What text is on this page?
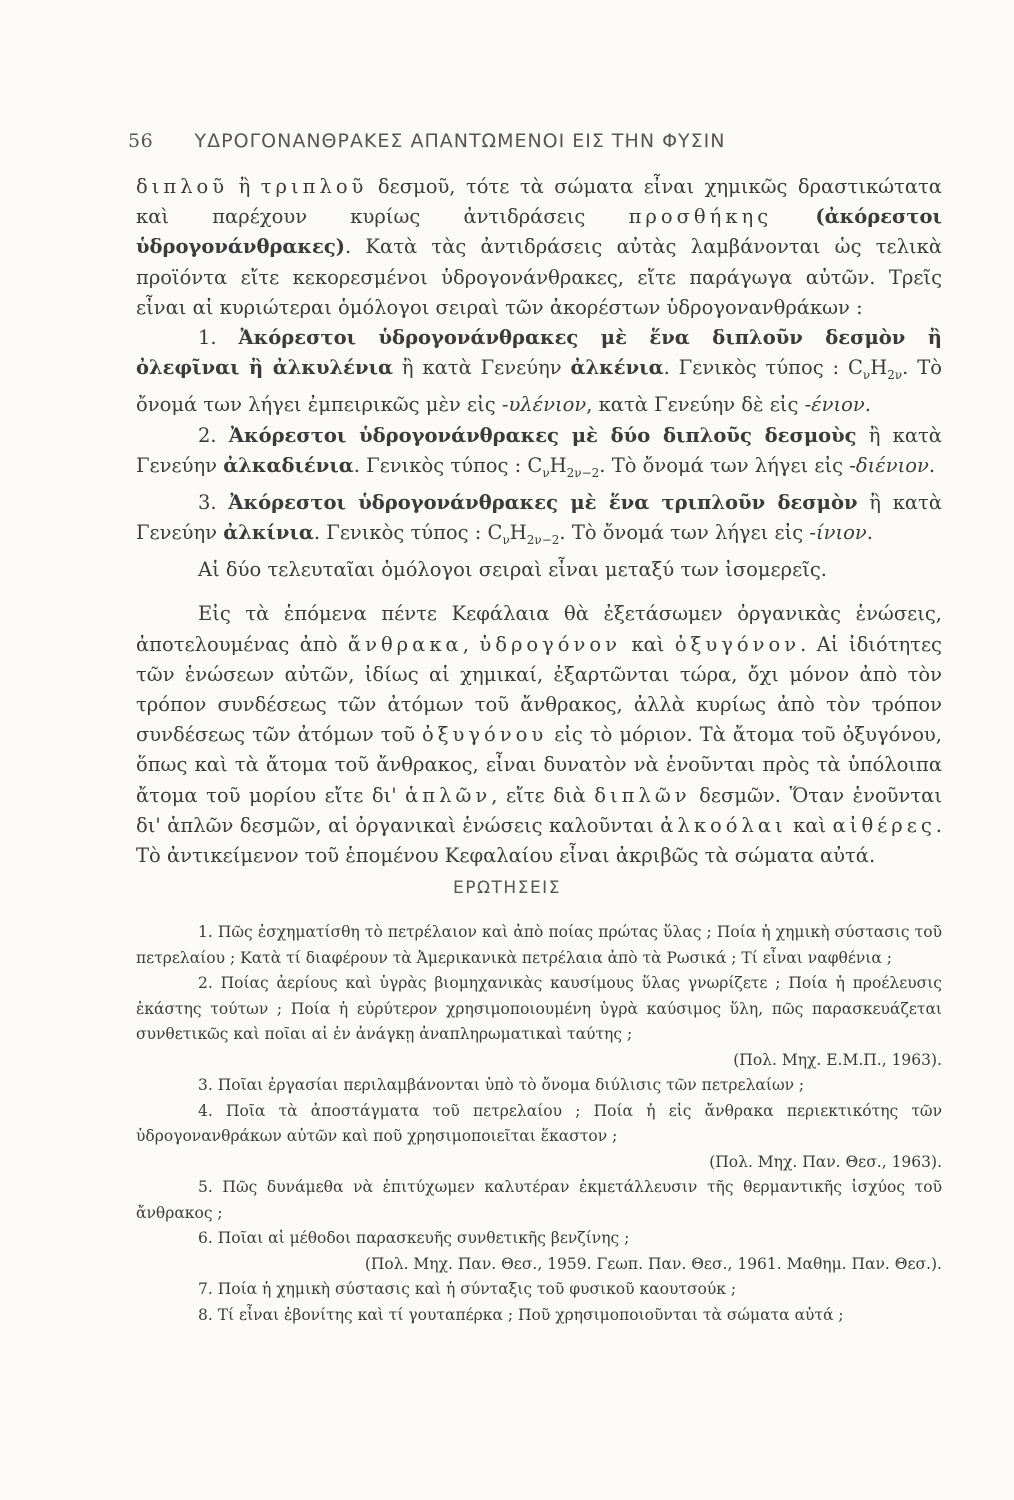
56 ΥΔΡΟΓΟΝΑΝΘΡΑΚΕΣ ΑΠΑΝΤΩΜΕΝΟΙ ΕΙΣ ΤΗΝ ΦΥΣΙΝ

διπλοῦ ἢ τριπλοῦ δεσμοῦ, τότε τὰ σώματα εἶναι χημικῶς δραστικώτατα καὶ παρέχουν κυρίως ἀντιδράσεις προσθήκης (ἀκόρεστοι ὑδρογονάνθρακες). Κατὰ τὰς ἀντιδράσεις αὐτὰς λαμβάνονται ὡς τελικὰ προϊόντα εἴτε κεκορεσμένοι ὑδρογονάνθρακες, εἴτε παράγωγα αὐτῶν. Τρεῖς εἶναι αἱ κυριώτεραι ὁμόλογοι σειραὶ τῶν ἀκορέστων ὑδρογονανθράκων :

1. Ἀκόρεστοι ὑδρογονάνθρακες μὲ ἕνα διπλοῦν δεσμὸν ἢ ὀλεφῖναι ἢ ἀλκυλένια ἢ κατὰ Γενεύην ἀλκένια. Γενικὸς τύπος : $C_\nu H_{2\nu}$. Τὸ ὄνομά των λήγει ἐμπειρικῶς μὲν εἰς -υλένιον, κατὰ Γενεύην δὲ εἰς -ένιον.

2. Ἀκόρεστοι ὑδρογονάνθρακες μὲ δύο διπλοῦς δεσμοὺς ἢ κατὰ Γενεύην ἀλκαδιένια. Γενικὸς τύπος : $C_\nu H_{2\nu-2}$. Τὸ ὄνομά των λήγει εἰς -διένιον.

3. Ἀκόρεστοι ὑδρογονάνθρακες μὲ ἕνα τριπλοῦν δεσμὸν ἢ κατὰ Γενεύην ἀλκίνια. Γενικὸς τύπος : $C_\nu H_{2\nu-2}$. Τὸ ὄνομά των λήγει εἰς -ίνιον.

Αἱ δύο τελευταῖαι ὁμόλογοι σειραὶ εἶναι μεταξύ των ἰσομερεῖς.

Εἰς τὰ ἑπόμενα πέντε Κεφάλαια θὰ ἐξετάσωμεν ὀργανικὰς ἑνώσεις, ἀποτελουμένας ἀπὸ ἄνθρακα, ὑδρογόνον καὶ ὀξυγόνον. Αἱ ἰδιότητες τῶν ἑνώσεων αὐτῶν, ἰδίως αἱ χημικαί, ἐξαρτῶνται τώρα, ὄχι μόνον ἀπὸ τὸν τρόπον συνδέσεως τῶν ἀτόμων τοῦ ἄνθρακος, ἀλλὰ κυρίως ἀπὸ τὸν τρόπον συνδέσεως τῶν ἀτόμων τοῦ ὀξυγόνου εἰς τὸ μόριον. Τὰ ἄτομα τοῦ ὀξυγόνου, ὅπως καὶ τὰ ἄτομα τοῦ ἄνθρακος, εἶναι δυνατὸν νὰ ἑνοῦνται πρὸς τὰ ὑπόλοιπα ἄτομα τοῦ μορίου εἴτε δι' ἁπλῶν, εἴτε διὰ διπλῶν δεσμῶν. Ὅταν ἑνοῦνται δι' ἁπλῶν δεσμῶν, αἱ ὀργανικαὶ ἑνώσεις καλοῦνται ἀλκοόλαι καὶ αἰθέρες. Τὸ ἀντικείμενον τοῦ ἑπομένου Κεφαλαίου εἶναι ἀκριβῶς τὰ σώματα αὐτά.

ΕΡΩΤΗΣΕΙΣ

1. Πῶς ἐσχηματίσθη τὸ πετρέλαιον καὶ ἀπὸ ποίας πρώτας ὕλας ; Ποία ἡ χημικὴ σύστασις τοῦ πετρελαίου ; Κατὰ τί διαφέρουν τὰ Ἀμερικανικὰ πετρέλαια ἀπὸ τὰ Ρωσικά ; Τί εἶναι ναφθένια ;

2. Ποίας ἀερίους καὶ ὑγρὰς βιομηχανικὰς καυσίμους ὕλας γνωρίζετε ; Ποία ἡ προέλευσις ἑκάστης τούτων ; Ποία ἡ εὐρύτερον χρησιμοποιουμένη ὑγρὰ καύσιμος ὕλη, πῶς παρασκευάζεται συνθετικῶς καὶ ποῖαι αἱ ἐν ἀνάγκῃ ἀναπληρωματικαὶ ταύτης ;

(Πολ. Μηχ. Ε.Μ.Π., 1963).

3. Ποῖαι ἐργασίαι περιλαμβάνονται ὑπὸ τὸ ὄνομα διύλισις τῶν πετρελαίων ;

4. Ποῖα τὰ ἀποστάγματα τοῦ πετρελαίου ; Ποία ἡ εἰς ἄνθρακα περιεκτικότης τῶν ὑδρογονανθράκων αὐτῶν καὶ ποῦ χρησιμοποιεῖται ἕκαστον ;

(Πολ. Μηχ. Παν. Θεσ., 1963).

5. Πῶς δυνάμεθα νὰ ἐπιτύχωμεν καλυτέραν ἐκμετάλλευσιν τῆς θερμαντικῆς ἰσχύος τοῦ ἄνθρακος ;

6. Ποῖαι αἱ μέθοδοι παρασκευῆς συνθετικῆς βενζίνης ;

(Πολ. Μηχ. Παν. Θεσ., 1959. Γεωπ. Παν. Θεσ., 1961. Μαθημ. Παν. Θεσ.).

7. Ποία ἡ χημικὴ σύστασις καὶ ἡ σύνταξις τοῦ φυσικοῦ καουτσούκ ;

8. Τί εἶναι ἐβονίτης καὶ τί γουταπέρκα ; Ποῦ χρησιμοποιοῦνται τὰ σώματα αὐτά ;
